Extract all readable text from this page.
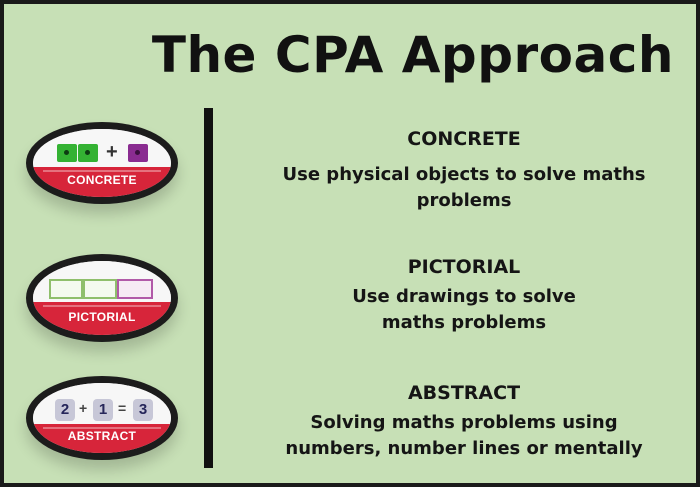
The CPA Approach
+
CONCRETE
PICTORIAL
2 + 1 = 3
ABSTRACT
CONCRETE
Use physical objects to solve maths problems
PICTORIAL
Use drawings to solve maths problems
ABSTRACT
Solving maths problems using numbers, number lines or mentally
